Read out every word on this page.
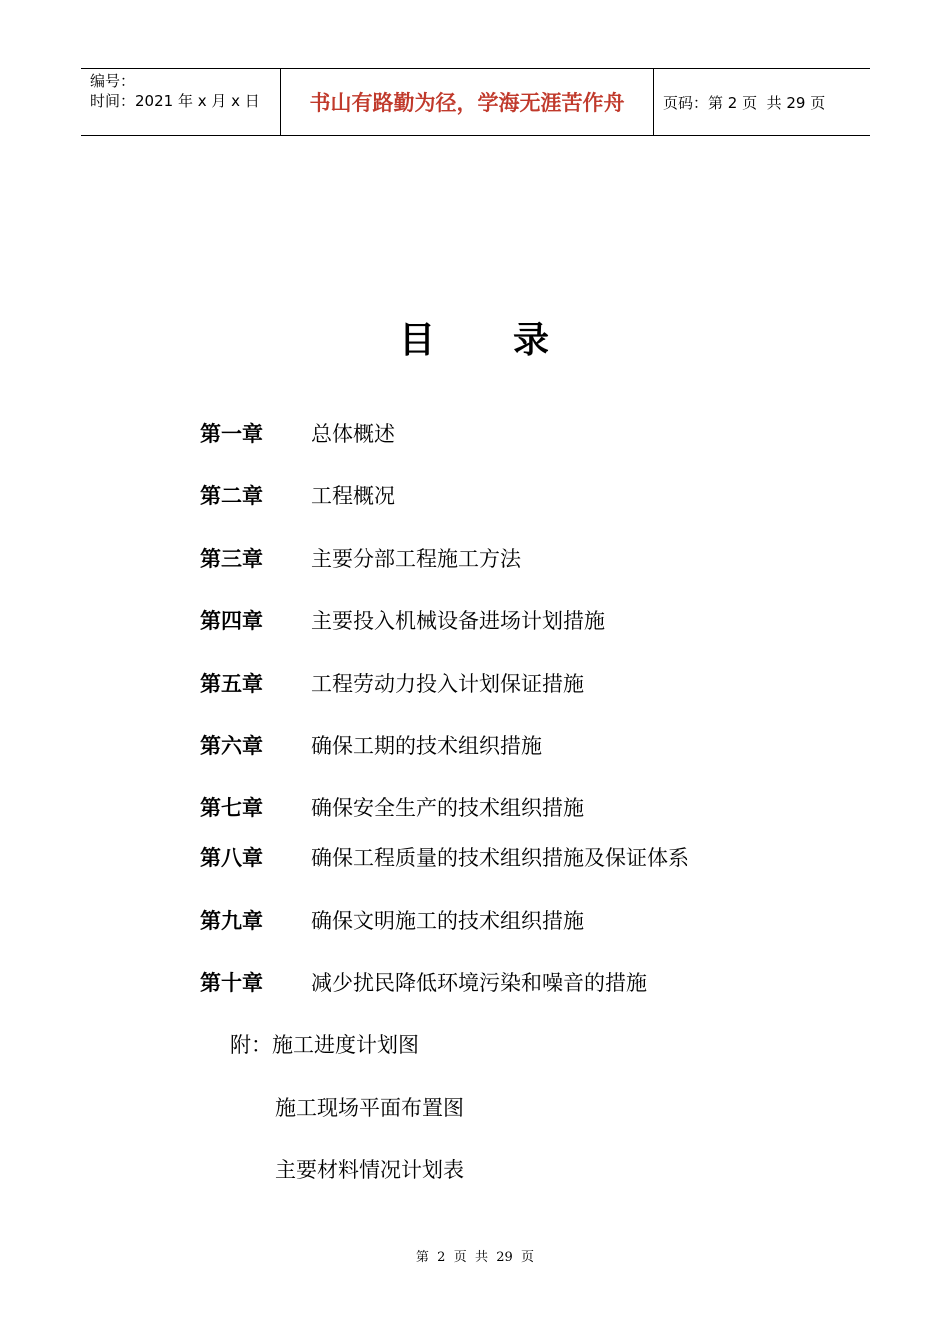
编号：
时间：2021 年 x 月 x 日	书山有路勤为径，学海无涯苦作舟	页码：第 2 页  共 29 页
目　　录
第一章	总体概述
第二章	工程概况
第三章	主要分部工程施工方法
第四章	主要投入机械设备进场计划措施
第五章	工程劳动力投入计划保证措施
第六章	确保工期的技术组织措施
第七章	确保安全生产的技术组织措施
第八章	确保工程质量的技术组织措施及保证体系
第九章	确保文明施工的技术组织措施
第十章	减少扰民降低环境污染和噪音的措施
附：施工进度计划图
施工现场平面布置图
主要材料情况计划表
第  2  页  共  29  页
